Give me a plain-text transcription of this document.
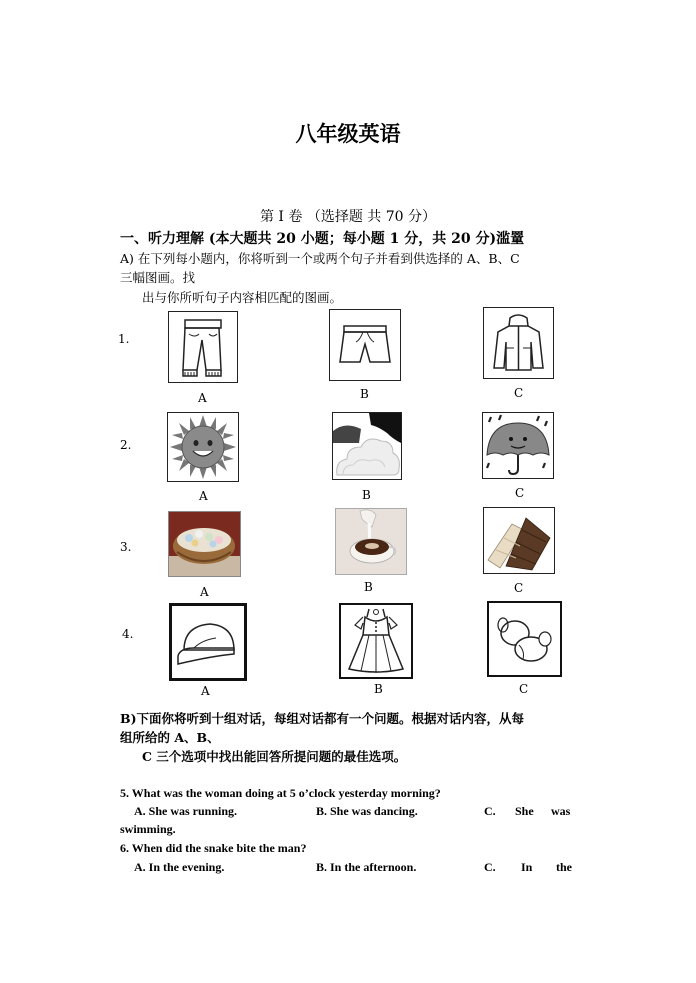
八年级英语
第 I 卷 （选择题 共 70 分）
一、听力理解 (本大题共 20 小题；每小题 1 分，共 20 分)滥罿
A) 在下列每小题内，你将听到一个或两个句子并看到供选择的 A、B、C
三幅图画。找
出与你所听句子内容相匹配的图画。
1.
A	B	C
2.
A	B	C
3.
A	B	C
4.
A	B	C
B)下面你将听到十组对话，每组对话都有一个问题。根据对话内容，从每
组所给的 A、B、
C 三个选项中找出能回答所提问题的最佳选项。
5. What was the woman doing at 5 o’clock yesterday morning?
A. She was running.	B. She was dancing.	C. She was
swimming.
6. When did the snake bite the man?
A. In the evening.	B. In the afternoon.	C. In the
